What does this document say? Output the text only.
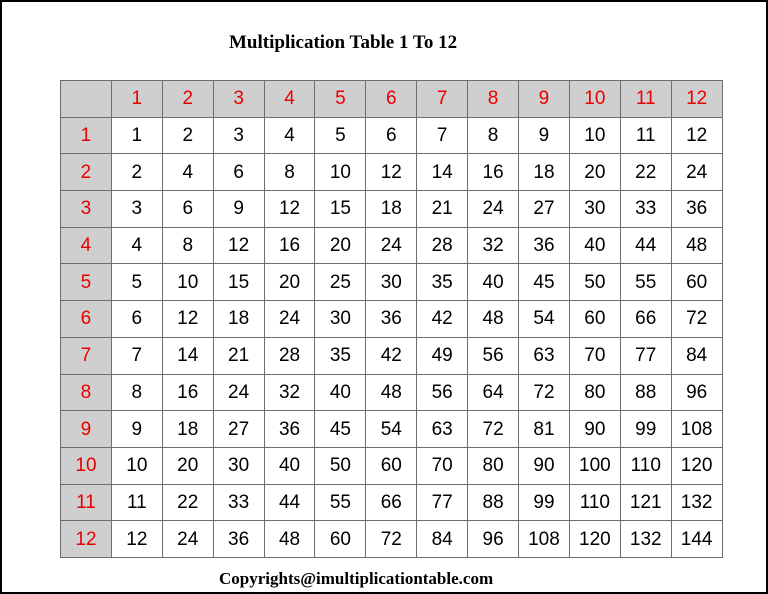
Multiplication Table 1 To 12
	1	2	3	4	5	6	7	8	9	10	11	12
1	1	2	3	4	5	6	7	8	9	10	11	12
2	2	4	6	8	10	12	14	16	18	20	22	24
3	3	6	9	12	15	18	21	24	27	30	33	36
4	4	8	12	16	20	24	28	32	36	40	44	48
5	5	10	15	20	25	30	35	40	45	50	55	60
6	6	12	18	24	30	36	42	48	54	60	66	72
7	7	14	21	28	35	42	49	56	63	70	77	84
8	8	16	24	32	40	48	56	64	72	80	88	96
9	9	18	27	36	45	54	63	72	81	90	99	108
10	10	20	30	40	50	60	70	80	90	100	110	120
11	11	22	33	44	55	66	77	88	99	110	121	132
12	12	24	36	48	60	72	84	96	108	120	132	144
Copyrights@imultiplicationtable.com
